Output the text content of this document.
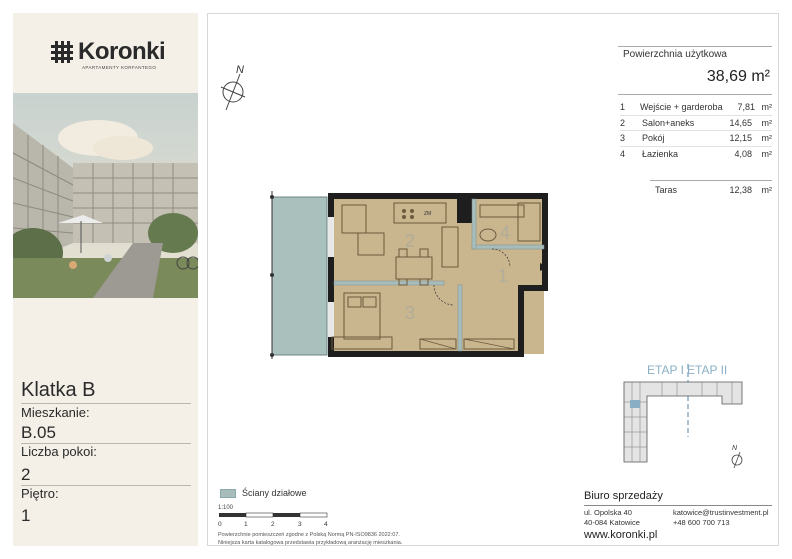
Koronki
APARTAMENTY KORFANTEGO
Klatka B
Mieszkanie:
B.05
Liczba pokoi:
2
Piętro:
1
Powierzchnia użytkowa
38,69 m²
1	Wejście + garderoba	7,81 m²
2	Salon+aneks	14,65	m²
3	Pokój	12,15	m²
4	Łazienka	4,08	m²
Taras	12,38	m²
N
2
1
3
4
ZM
ETAP I ETAP II
N
Ściany działowe
1:100
0	1	2	3	4
Powierzchnie pomieszczeń zgodne z Polską Normą PN-ISO9836 2022:07.
Niniejsza karta katalogowa przedstawia przykładową aranżację mieszkania.
Biuro sprzedaży
ul. Opolska 40
40-084 Katowice
katowice@trustinvestment.pl
+48 600 700 713
www.koronki.pl
